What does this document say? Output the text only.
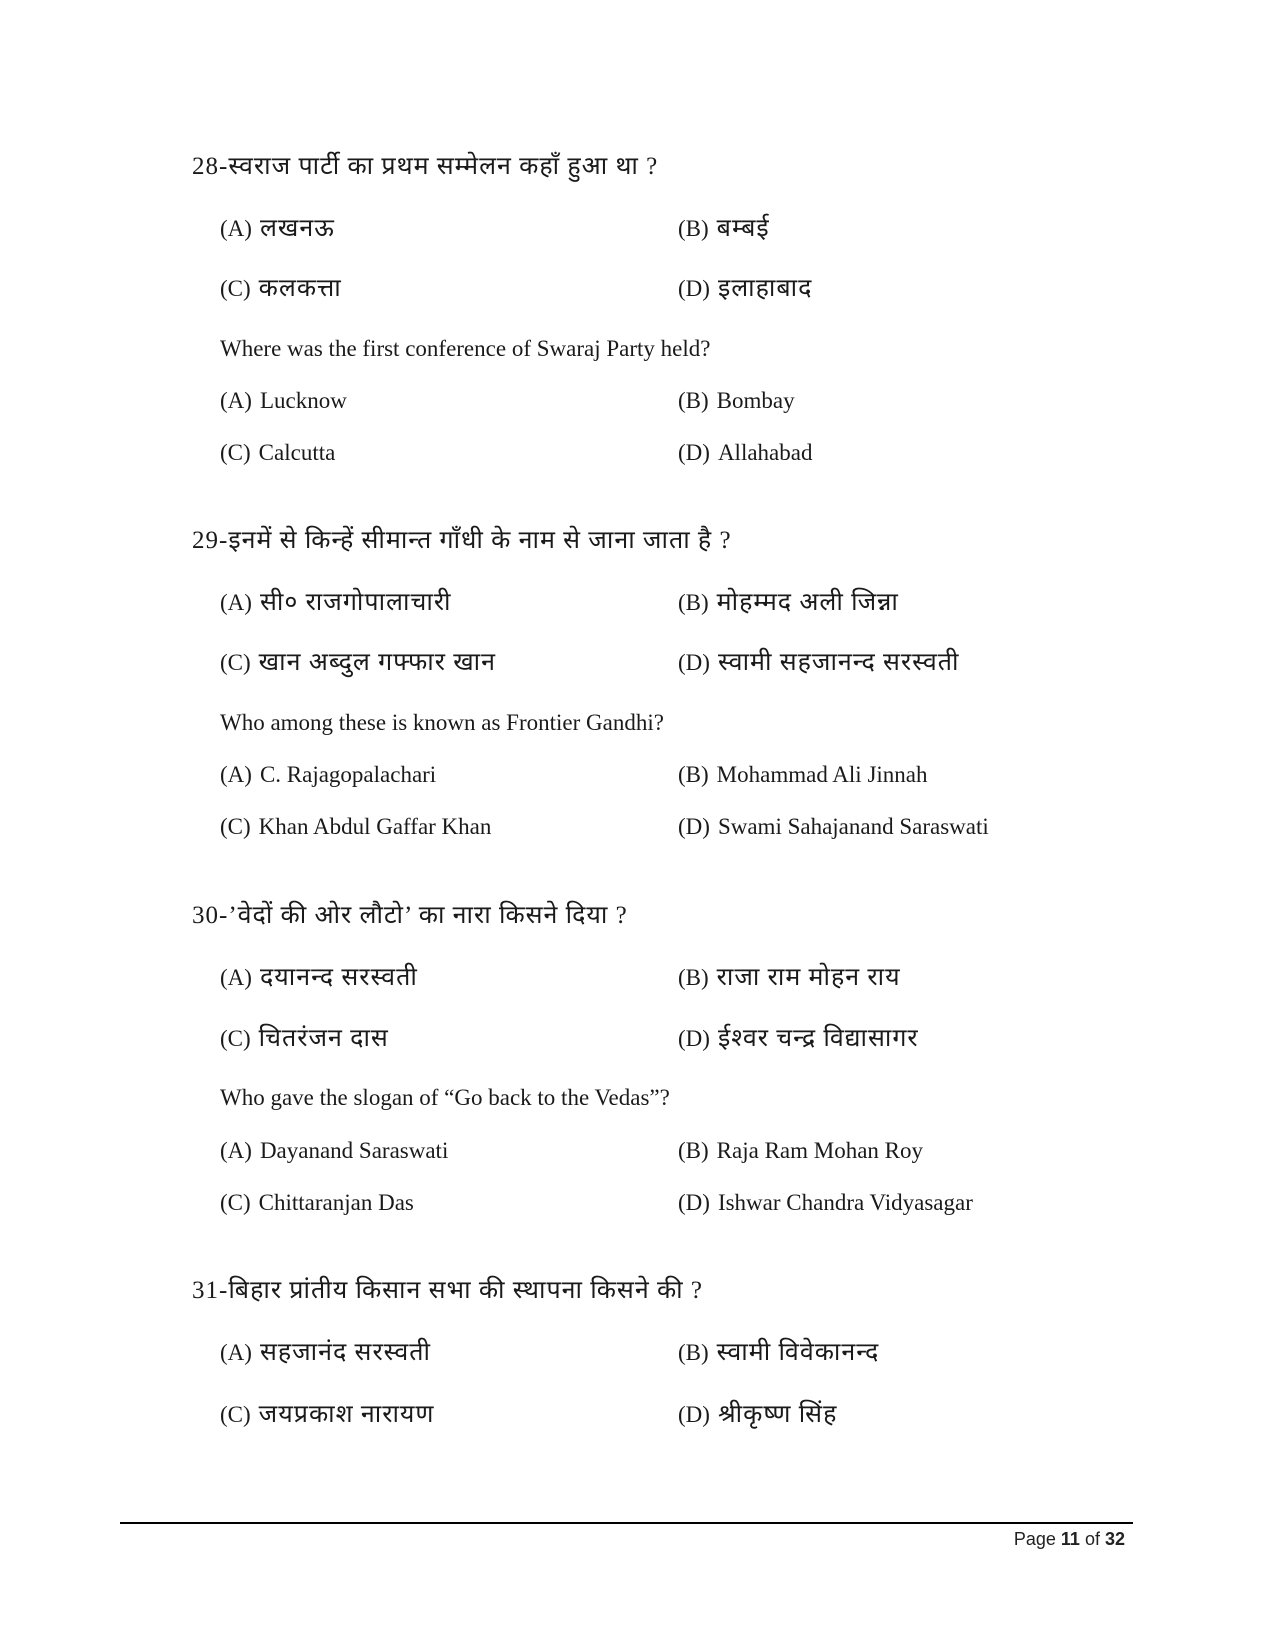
28-स्वराज पार्टी का प्रथम सम्मेलन कहाँ हुआ था ?
(A) लखनऊ	(B) बम्बई
(C) कलकत्ता	(D) इलाहाबाद
Where was the first conference of Swaraj Party held?
(A) Lucknow	(B) Bombay
(C) Calcutta	(D) Allahabad
29-इनमें से किन्हें सीमान्त गाँधी के नाम से जाना जाता है ?
(A) सी० राजगोपालाचारी	(B) मोहम्मद अली जिन्ना
(C) खान अब्दुल गफ्फार खान	(D) स्वामी सहजानन्द सरस्वती
Who among these is known as Frontier Gandhi?
(A) C. Rajagopalachari	(B) Mohammad Ali Jinnah
(C) Khan Abdul Gaffar Khan	(D) Swami Sahajanand Saraswati
30-’वेदों की ओर लौटो’ का नारा किसने दिया ?
(A) दयानन्द सरस्वती	(B) राजा राम मोहन राय
(C) चितरंजन दास	(D) ईश्वर चन्द्र विद्यासागर
Who gave the slogan of “Go back to the Vedas”?
(A) Dayanand Saraswati	(B) Raja Ram Mohan Roy
(C) Chittaranjan Das	(D) Ishwar Chandra Vidyasagar
31-बिहार प्रांतीय किसान सभा की स्थापना किसने की ?
(A) सहजानंद सरस्वती	(B) स्वामी विवेकानन्द
(C) जयप्रकाश नारायण	(D) श्रीकृष्ण सिंह
Page 11 of 32
